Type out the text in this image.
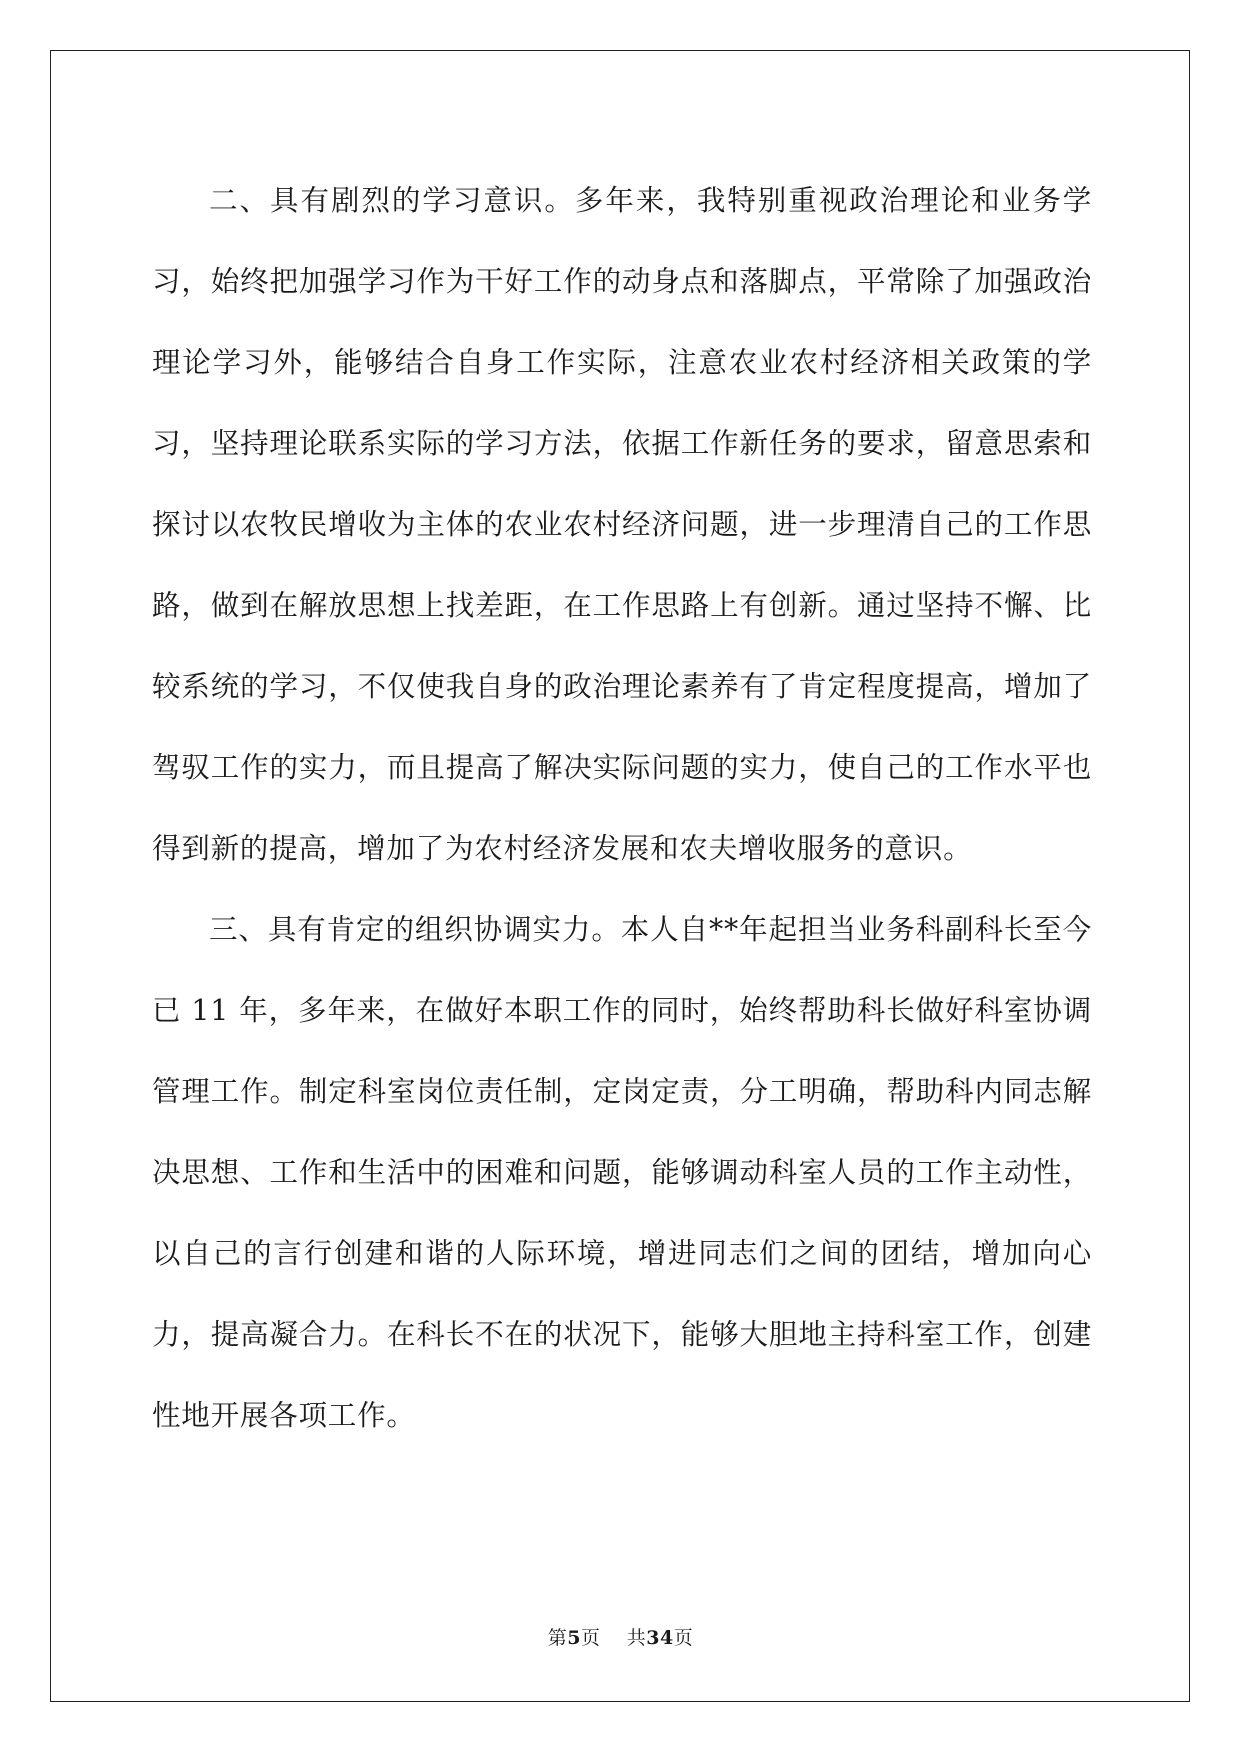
二、具有剧烈的学习意识。多年来，我特别重视政治理论和业务学习，始终把加强学习作为干好工作的动身点和落脚点，平常除了加强政治理论学习外，能够结合自身工作实际，注意农业农村经济相关政策的学习，坚持理论联系实际的学习方法，依据工作新任务的要求，留意思索和探讨以农牧民增收为主体的农业农村经济问题，进一步理清自己的工作思路，做到在解放思想上找差距，在工作思路上有创新。通过坚持不懈、比较系统的学习，不仅使我自身的政治理论素养有了肯定程度提高，增加了驾驭工作的实力，而且提高了解决实际问题的实力，使自己的工作水平也得到新的提高，增加了为农村经济发展和农夫增收服务的意识。

三、具有肯定的组织协调实力。本人自**年起担当业务科副科长至今已 11 年，多年来，在做好本职工作的同时，始终帮助科长做好科室协调管理工作。制定科室岗位责任制，定岗定责，分工明确，帮助科内同志解决思想、工作和生活中的困难和问题，能够调动科室人员的工作主动性，以自己的言行创建和谐的人际环境，增进同志们之间的团结，增加向心力，提高凝合力。在科长不在的状况下，能够大胆地主持科室工作，创建性地开展各项工作。

第5页 共34页
